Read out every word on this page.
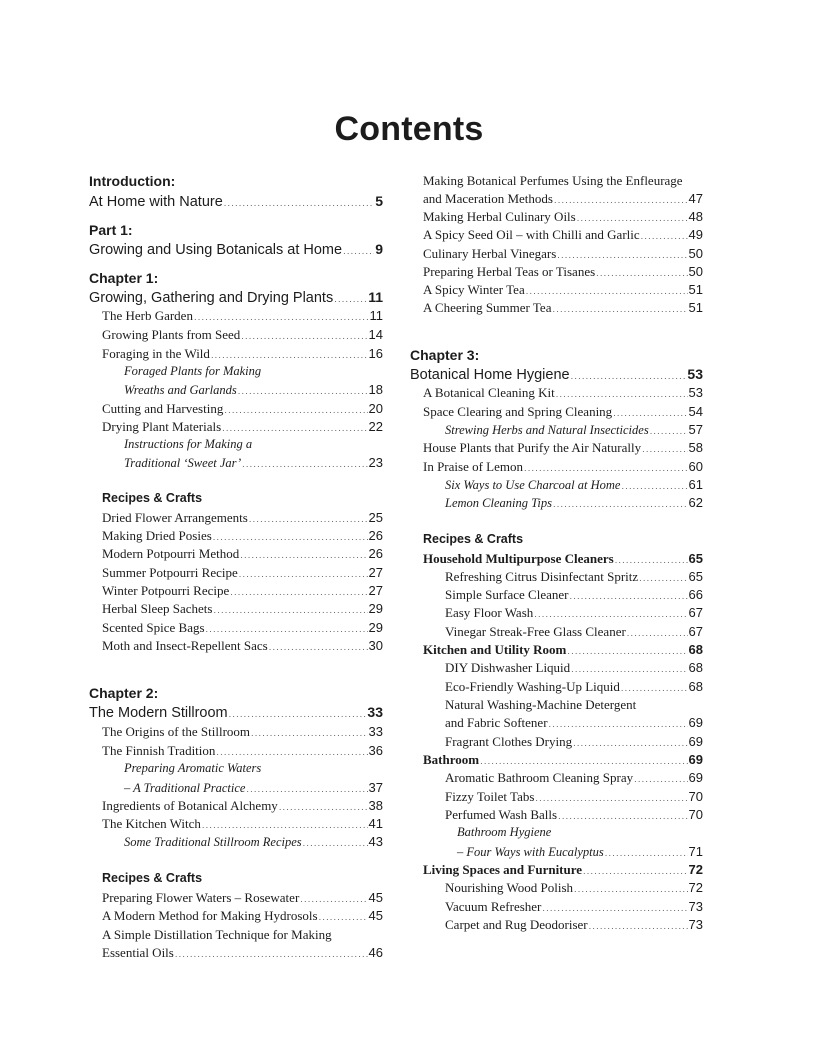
Contents
Introduction:
At Home with Nature .....	5
Part 1:
Growing and Using Botanicals at Home ..... 9
Chapter 1:
Growing, Gathering and Drying Plants ..... 11
The Herb Garden .....	11
Growing Plants from Seed .....	14
Foraging in the Wild .....	16
Foraged Plants for Making
Wreaths and Garlands .....	18
Cutting and Harvesting .....	20
Drying Plant Materials .....	22
Instructions for Making a
Traditional ‘Sweet Jar’ .....	23
Recipes & Crafts
Dried Flower Arrangements .....	25
Making Dried Posies .....	26
Modern Potpourri Method .....	26
Summer Potpourri Recipe .....	27
Winter Potpourri Recipe .....	27
Herbal Sleep Sachets .....	29
Scented Spice Bags .....	29
Moth and Insect-Repellent Sacs .....	30
Chapter 2:
The Modern Stillroom .....	33
The Origins of the Stillroom .....	33
The Finnish Tradition .....	36
Preparing Aromatic Waters
– A Traditional Practice .....	37
Ingredients of Botanical Alchemy .....	38
The Kitchen Witch .....	41
Some Traditional Stillroom Recipes .....	43
Recipes & Crafts
Preparing Flower Waters – Rosewater .....	45
A Modern Method for Making Hydrosols .....	45
A Simple Distillation Technique for Making
Essential Oils .....	46
Making Botanical Perfumes Using the Enfleurage
and Maceration Methods .....	47
Making Herbal Culinary Oils .....	48
A Spicy Seed Oil – with Chilli and Garlic .....	49
Culinary Herbal Vinegars .....	50
Preparing Herbal Teas or Tisanes .....	50
A Spicy Winter Tea .....	51
A Cheering Summer Tea .....	51
Chapter 3:
Botanical Home Hygiene .....	53
A Botanical Cleaning Kit .....	53
Space Clearing and Spring Cleaning .....	54
Strewing Herbs and Natural Insecticides .....	57
House Plants that Purify the Air Naturally .....	58
In Praise of Lemon .....	60
Six Ways to Use Charcoal at Home .....	61
Lemon Cleaning Tips .....	62
Recipes & Crafts
Household Multipurpose Cleaners .....	65
Refreshing Citrus Disinfectant Spritz .....	65
Simple Surface Cleaner .....	66
Easy Floor Wash .....	67
Vinegar Streak-Free Glass Cleaner .....	67
Kitchen and Utility Room .....	68
DIY Dishwasher Liquid .....	68
Eco-Friendly Washing-Up Liquid .....	68
Natural Washing-Machine Detergent
and Fabric Softener .....	69
Fragrant Clothes Drying .....	69
Bathroom .....	69
Aromatic Bathroom Cleaning Spray .....	69
Fizzy Toilet Tabs .....	70
Perfumed Wash Balls .....	70
Bathroom Hygiene
– Four Ways with Eucalyptus .....	71
Living Spaces and Furniture .....	72
Nourishing Wood Polish .....	72
Vacuum Refresher .....	73
Carpet and Rug Deodoriser .....	73
